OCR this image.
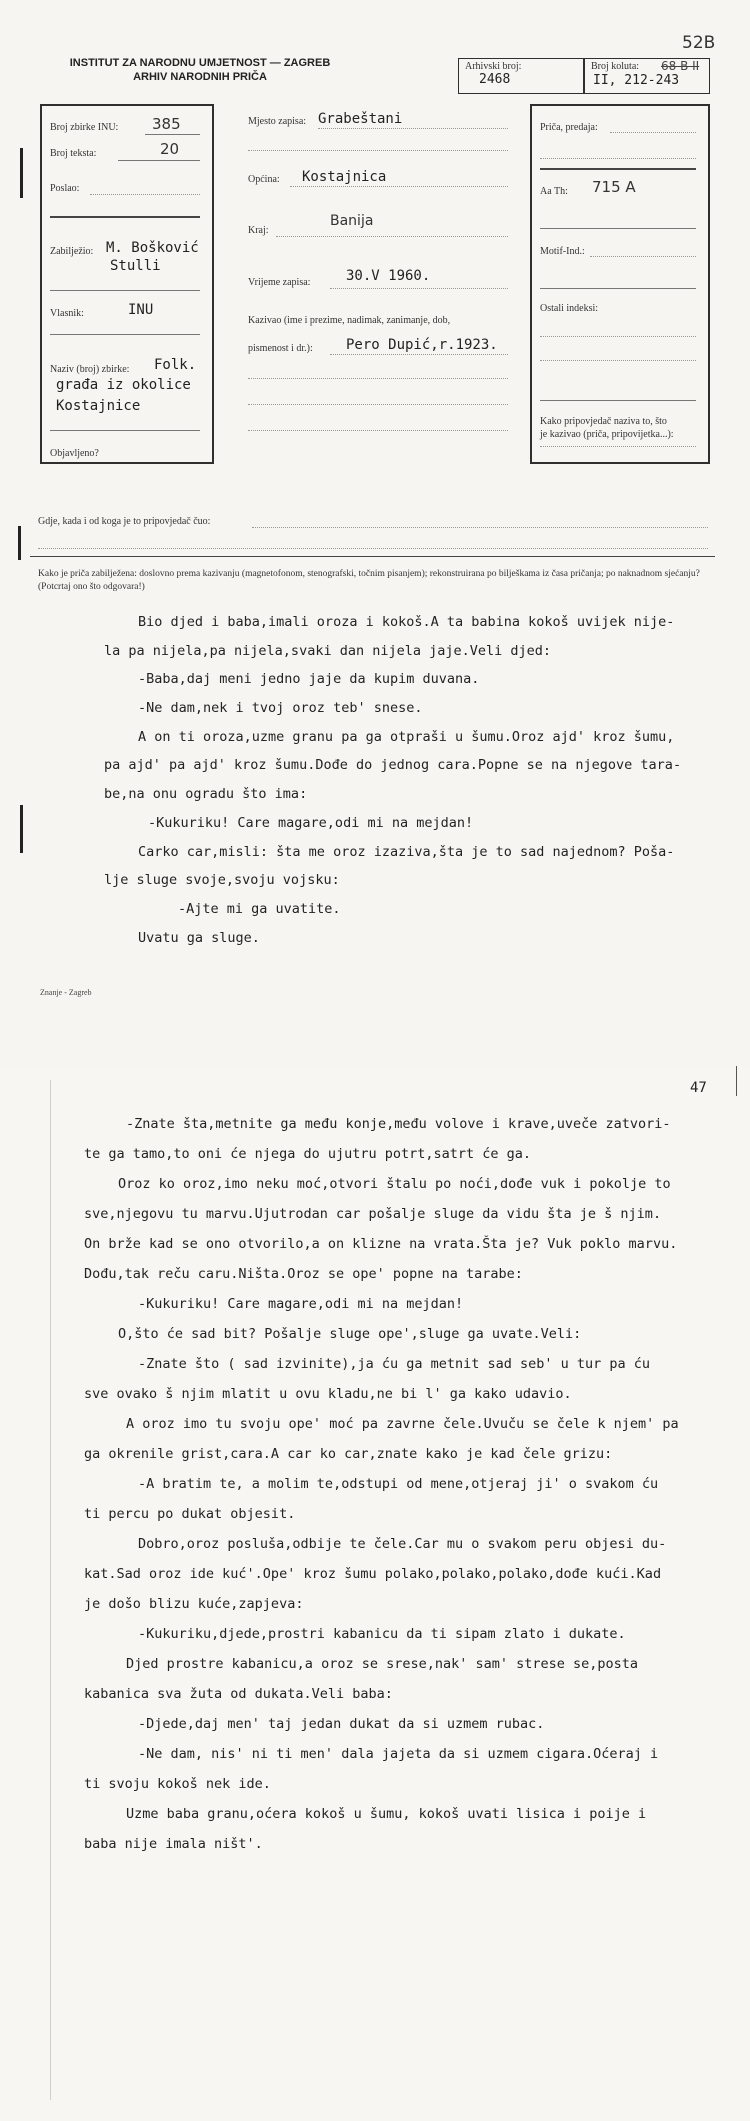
52B
INSTITUT ZA NARODNU UMJETNOST — ZAGREB
ARHIV NARODNIH PRIČA
Arhivski broj:
2468
Broj kolutа: 68 B II
II, 212-243
Broj zbirke INU: 385
Broj teksta:	20
Poslao:
Zabilježio: M. Bošković
Stulli
Vlasnik:	INU
Naziv (broj) zbirke: Folk.
građa iz okolice
Kostajnice
Objavljeno?
Mjesto zapisa: Grabeštani
Općina: Kostajnica
Kraj:
Banija
Vrijeme zapisa:	30.V 1960.
Kazivao (ime i prezime, nadimak, zanimanje, dob,
pismenost i dr.): Pero Dupić,r.1923.
Priča, predaja:
Aa Th: 715 A
Motif-Ind.:
Ostali indeksi:
Kako pripovjedač naziva to, što
je kazivao (priča, pripovijetka...):
Gdje, kada i od koga je to pripovjedač čuo:
Kako je priča zabilježena: doslovno prema kazivanju (magnetofonom, stenografski, točnim pisanjem); rekonstruirana po bilješkama iz časa pričanja; po naknadnom sjećanju? (Potcrtaj ono što odgovara!)
Bio djed i baba,imali oroza i kokoš.A ta babina kokoš uvijek nije-
la pa nijela,pa nijela,svaki dan nijela jaje.Veli djed:
-Baba,daj meni jedno jaje da kupim duvana.
-Ne dam,nek i tvoj oroz teb' snese.
A on ti oroza,uzme granu pa ga otpraši u šumu.Oroz ajd' kroz šumu,
pa ajd' pa ajd' kroz šumu.Dođe do jednog cara.Popne se na njegove tara-
be,na onu ogradu što ima:
-Kukuriku! Care magare,odi mi na mejdan!
Carko car,misli: šta me oroz izaziva,šta je to sad najednom? Poša-
lje sluge svoje,svoju vojsku:
-Ajte mi ga uvatite.
Uvatu ga sluge.
Znanje - Zagreb
47
-Znate šta,metnite ga među konje,među volove i krave,uveče zatvori-
te ga tamo,to oni će njega do ujutru potrt,satrt će ga.
Oroz ko oroz,imo neku moć,otvori štalu po noći,dođe vuk i pokolje to
sve,njegovu tu marvu.Ujutrodan car pošalje sluge da vidu šta je š njim.
On brže kad se ono otvorilo,a on klizne na vrata.Šta je? Vuk poklo marvu.
Dođu,tak reču caru.Ništa.Oroz se ope' popne na tarabe:
-Kukuriku! Care magare,odi mi na mejdan!
O,što će sad bit? Pošalje sluge ope',sluge ga uvate.Veli:
-Znate što ( sad izvinite),ja ću ga metnit sad seb' u tur pa ću
sve ovako š njim mlatit u ovu kladu,ne bi l' ga kako udavio.
A oroz imo tu svoju ope' moć pa zavrne čele.Uvuču se čele k njem' pa
ga okrenile grist,cara.A car ko car,znate kako je kad čele grizu:
-A bratim te, a molim te,odstupi od mene,otjeraj ji' o svakom ću
ti percu po dukat objesit.
Dobro,oroz posluša,odbije te čele.Car mu o svakom peru objesi du-
kat.Sad oroz ide kuć'.Ope' kroz šumu polako,polako,polako,dođe kući.Kad
je došo blizu kuće,zapjeva:
-Kukuriku,djede,prostri kabanicu da ti sipam zlato i dukate.
Djed prostre kabanicu,a oroz se srese,nak' sam' strese se,posta
kabanica sva žuta od dukata.Veli baba:
-Djede,daj men' taj jedan dukat da si uzmem rubac.
-Ne dam, nis' ni ti men' dala jajeta da si uzmem cigara.Oćeraj i
ti svoju kokoš nek ide.
Uzme baba granu,oćera kokoš u šumu, kokoš uvati lisica i poije i
baba nije imala ništ'.
